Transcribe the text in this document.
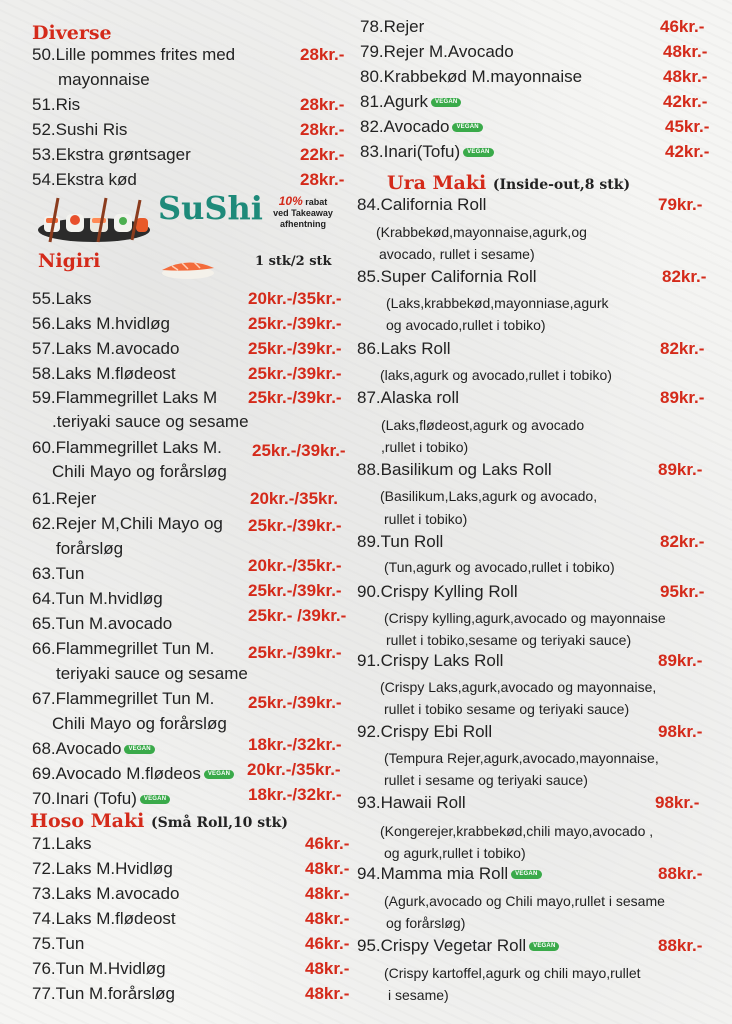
Diverse
Nigiri
Hoso Maki (Små Roll,10 stk)
Ura Maki (Inside-out,8 stk)
SuShi	10% rabat
ved Takeaway
afhentning
1 stk/2 stk
50.Lille pommes frites med	28kr.-
mayonnaise
51.Ris	28kr.-
52.Sushi Ris	28kr.-
53.Ekstra grøntsager	22kr.-
54.Ekstra kød	28kr.-
55.Laks	20kr.-/35kr.-
56.Laks M.hvidløg	25kr.-/39kr.-
57.Laks M.avocado	25kr.-/39kr.-
58.Laks M.flødeost	25kr.-/39kr.-
59.Flammegrillet Laks M 25kr.-/39kr.-
.teriyaki sauce og sesame
60.Flammegrillet Laks M. 25kr.-/39kr.-
Chili Mayo og forårsløg
61.Rejer	20kr.-/35kr.
62.Rejer M,Chili Mayo og 25kr.-/39kr.-
forårsløg
63.Tun	20kr.-/35kr.-
64.Tun M.hvidløg	25kr.-/39kr.-
65.Tun M.avocado	25kr.- /39kr.-
66.Flammegrillet Tun M. 25kr.-/39kr.-
teriyaki sauce og sesame
67.Flammegrillet Tun M. 25kr.-/39kr.-
Chili Mayo og forårsløg
68.Avocado VEGAN	18kr.-/32kr.-
69.Avocado M.flødeos VEGAN 20kr.-/35kr.-
70.Inari (Tofu) VEGAN	18kr.-/32kr.-
71.Laks	46kr.-
72.Laks M.Hvidløg	48kr.-
73.Laks M.avocado	48kr.-
74.Laks M.flødeost	48kr.-
75.Tun	46kr.-
76.Tun M.Hvidløg	48kr.-
77.Tun M.forårsløg	48kr.-
78.Rejer	46kr.-
79.Rejer M.Avocado	48kr.-
80.Krabbekød M.mayonnaise	48kr.-
81.Agurk VEGAN	42kr.-
82.Avocado VEGAN	45kr.-
83.Inari(Tofu) VEGAN	42kr.-
84.California Roll	79kr.-
(Krabbekød,mayonnaise,agurk,og
avocado, rullet i sesame)
85.Super California Roll	82kr.-
(Laks,krabbekød,mayonniase,agurk
og avocado,rullet i tobiko)
86.Laks Roll	82kr.-
(laks,agurk og avocado,rullet i tobiko)
87.Alaska roll	89kr.-
(Laks,flødeost,agurk og avocado
,rullet i tobiko)
88.Basilikum og Laks Roll	89kr.-
(Basilikum,Laks,agurk og avocado,
rullet i tobiko)
89.Tun Roll	82kr.-
(Tun,agurk og avocado,rullet i tobiko)
90.Crispy Kylling Roll	95kr.-
(Crispy kylling,agurk,avocado og mayonnaise
rullet i tobiko,sesame og teriyaki sauce)
91.Crispy Laks Roll	89kr.-
(Crispy Laks,agurk,avocado og mayonnaise,
rullet i tobiko sesame og teriyaki sauce)
92.Crispy Ebi Roll	98kr.-
(Tempura Rejer,agurk,avocado,mayonnaise,
rullet i sesame og teriyaki sauce)
93.Hawaii Roll	98kr.-
(Kongerejer,krabbekød,chili mayo,avocado ,
og agurk,rullet i tobiko)
94.Mamma mia Roll VEGAN	88kr.-
(Agurk,avocado og Chili mayo,rullet i sesame
og forårsløg)
95.Crispy Vegetar Roll VEGAN	88kr.-
(Crispy kartoffel,agurk og chili mayo,rullet
i sesame)
